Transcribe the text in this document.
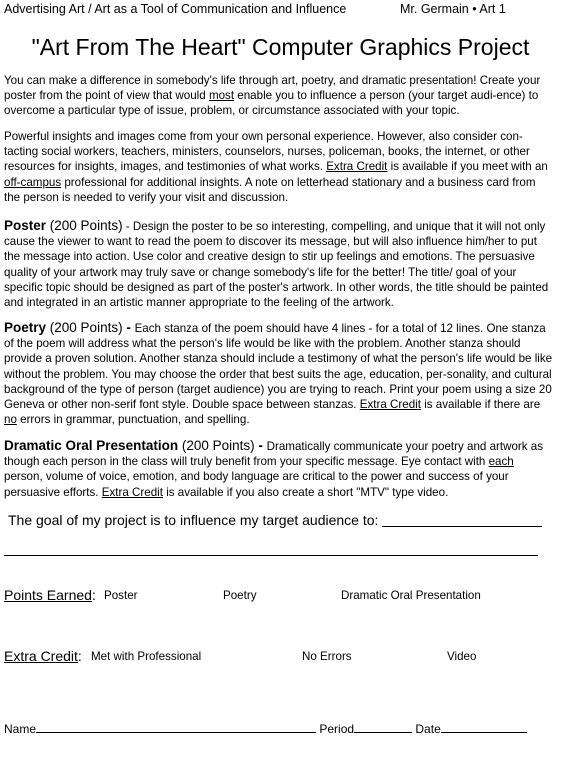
Advertising Art / Art as a Tool of Communication and Influence	Mr. Germain • Art 1
"Art From The Heart" Computer Graphics Project

You can make a difference in somebody's life through art, poetry, and dramatic presentation! Create your poster from the point of view that would most enable you to influence a person (your target audi-ence) to overcome a particular type of issue, problem, or circumstance associated with your topic.

Powerful insights and images come from your own personal experience. However, also consider con-tacting social workers, teachers, ministers, counselors, nurses, policeman, books, the internet, or other resources for insights, images, and testimonies of what works. Extra Credit is available if you meet with an off-campus professional for additional insights. A note on letterhead stationary and a business card from the person is needed to verify your visit and discussion.

Poster (200 Points) - Design the poster to be so interesting, compelling, and unique that it will not only cause the viewer to want to read the poem to discover its message, but will also influence him/her to put the message into action. Use color and creative design to stir up feelings and emotions. The persuasive quality of your artwork may truly save or change somebody's life for the better! The title/ goal of your specific topic should be designed as part of the poster's artwork. In other words, the title should be painted and integrated in an artistic manner appropriate to the feeling of the artwork.

Poetry (200 Points) - Each stanza of the poem should have 4 lines - for a total of 12 lines. One stanza of the poem will address what the person's life would be like with the problem. Another stanza should provide a proven solution. Another stanza should include a testimony of what the person's life would be like without the problem. You may choose the order that best suits the age, education, per-sonality, and cultural background of the type of person (target audience) you are trying to reach. Print your poem using a size 20 Geneva or other non-serif font style. Double space between stanzas. Extra Credit is available if there are no errors in grammar, punctuation, and spelling.

Dramatic Oral Presentation (200 Points) - Dramatically communicate your poetry and artwork as though each person in the class will truly benefit from your specific message. Eye contact with each person, volume of voice, emotion, and body language are critical to the power and success of your persuasive efforts. Extra Credit is available if you also create a short "MTV" type video.

The goal of my project is to influence my target audience to:
Points Earned: Poster	Poetry	Dramatic Oral Presentation
Extra Credit: Met with Professional	No Errors	Video
Name	Period	Date
